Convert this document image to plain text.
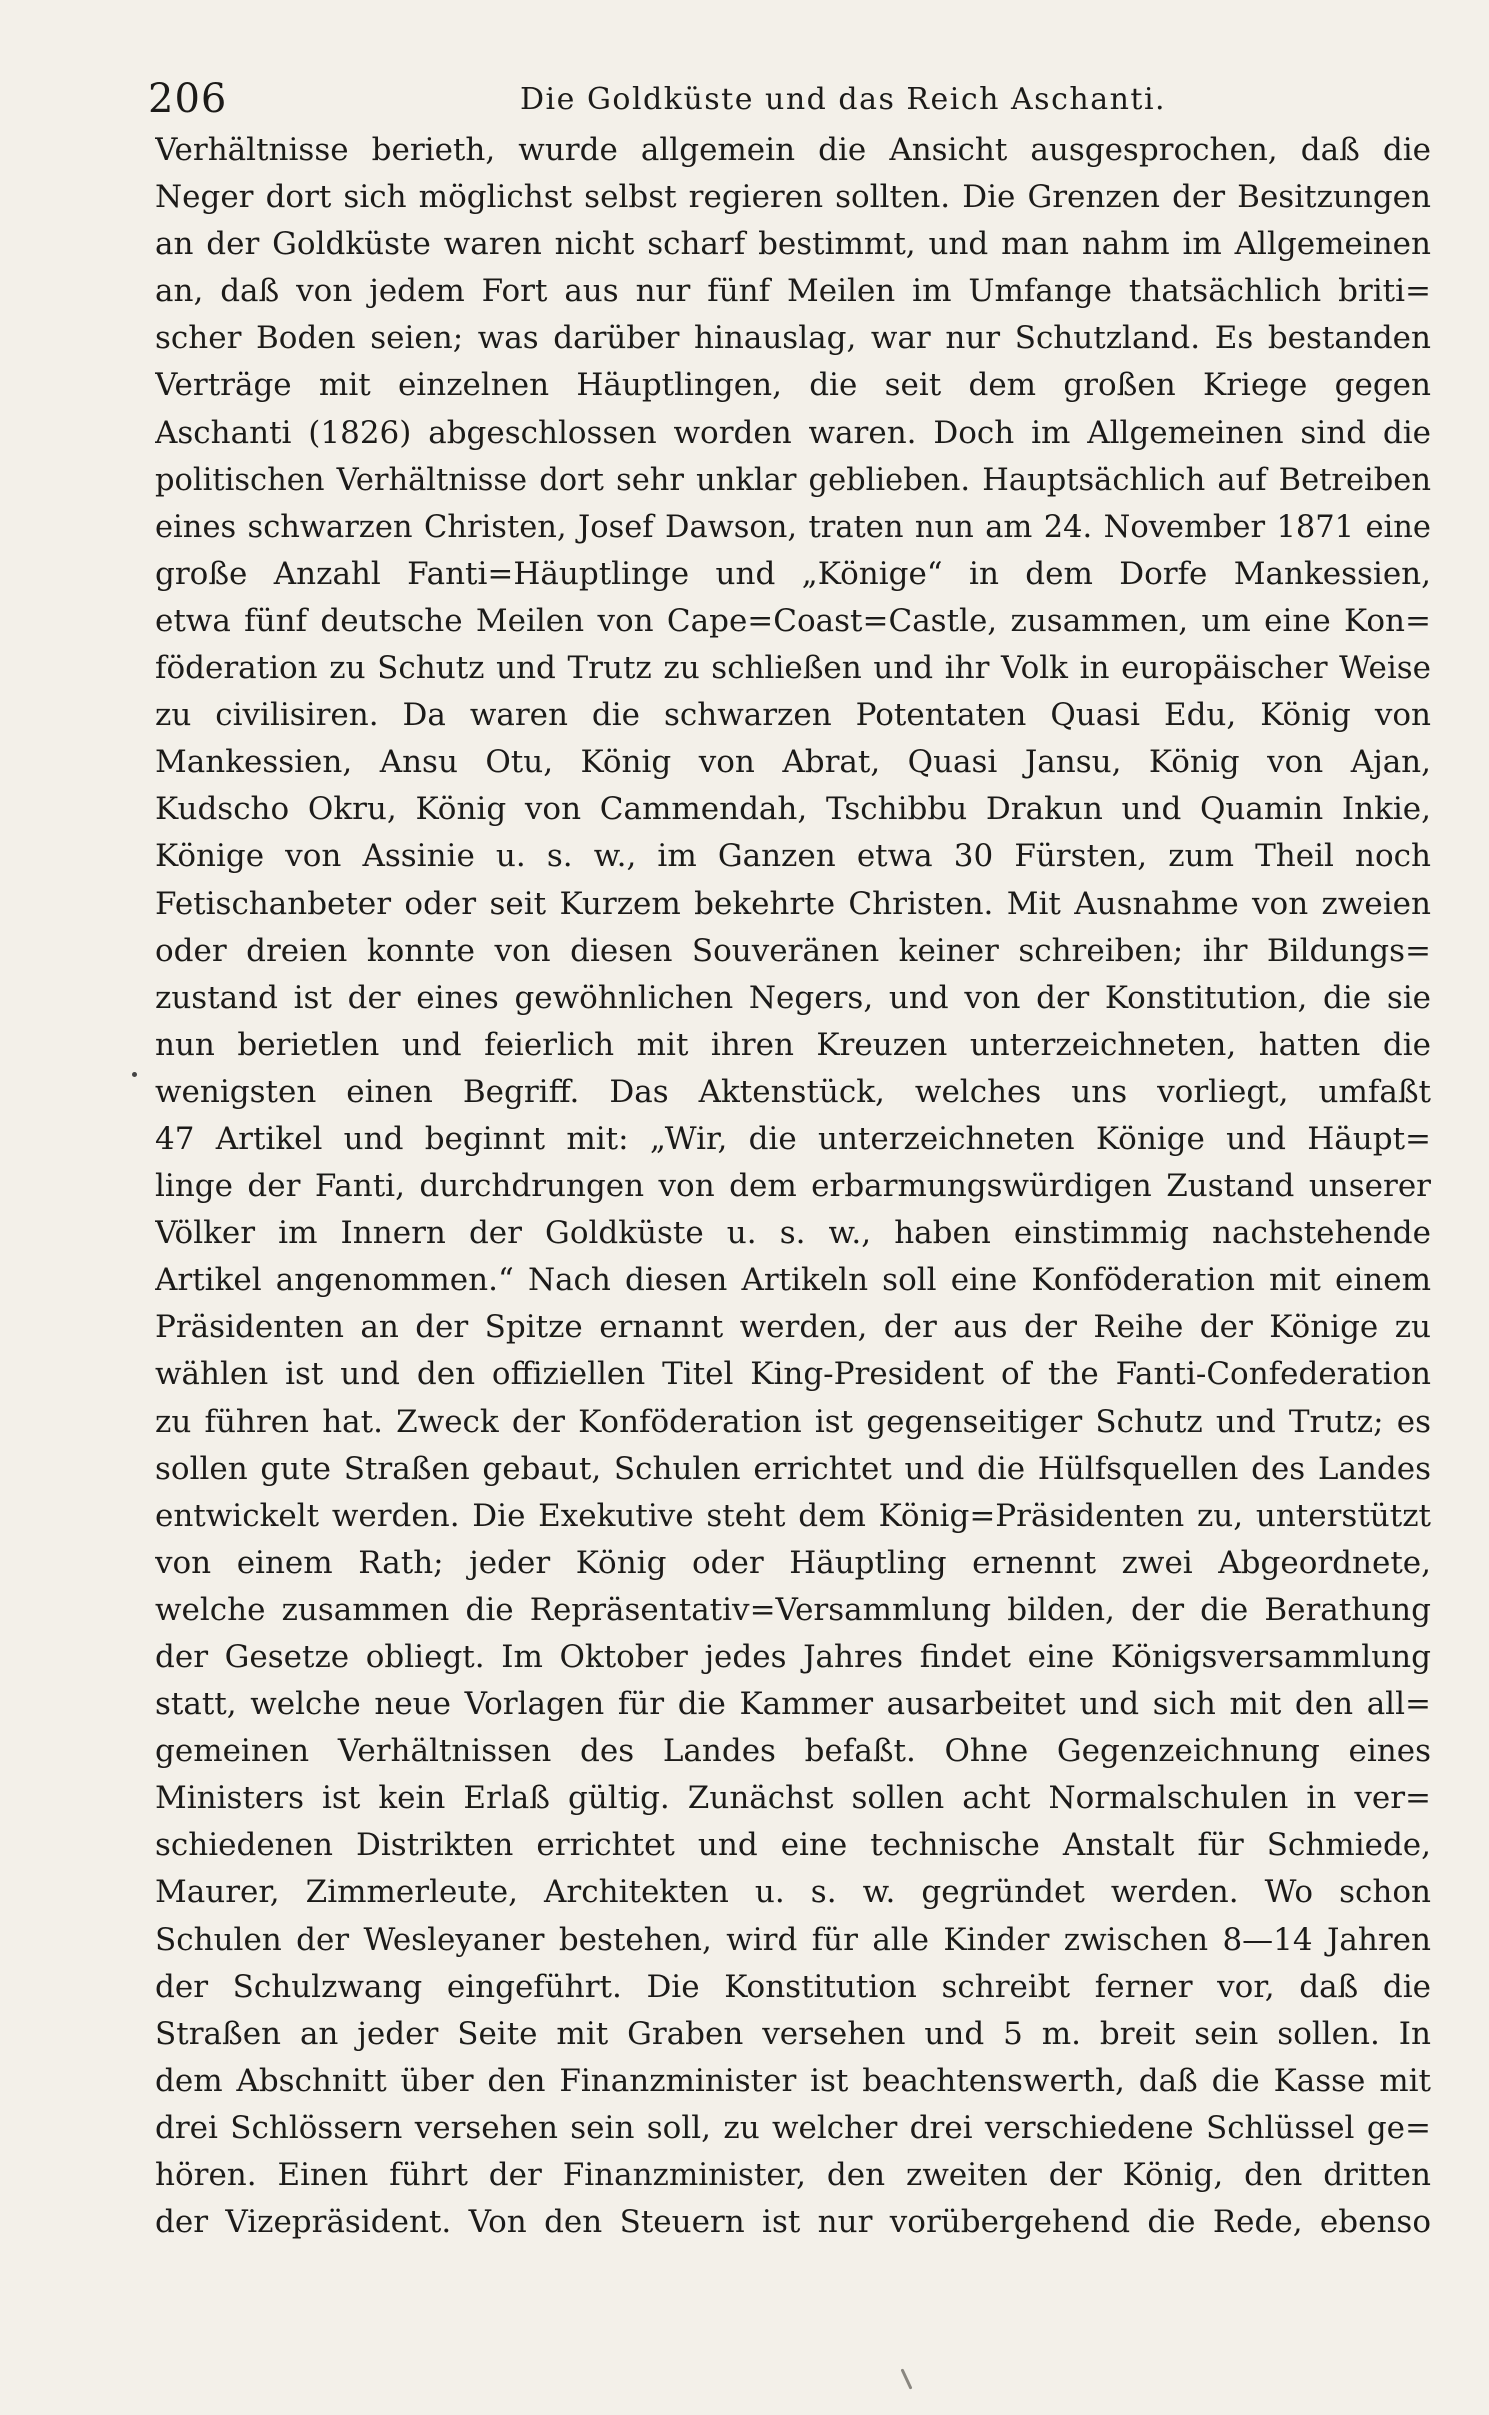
206	Die Goldküste und das Reich Aschanti.
Verhältnisse berieth, wurde allgemein die Ansicht ausgesprochen, daß die
Neger dort sich möglichst selbst regieren sollten. Die Grenzen der Besitzungen
an der Goldküste waren nicht scharf bestimmt, und man nahm im Allgemeinen
an, daß von jedem Fort aus nur fünf Meilen im Umfange thatsächlich briti=
scher Boden seien; was darüber hinauslag, war nur Schutzland. Es bestanden
Verträge mit einzelnen Häuptlingen, die seit dem großen Kriege gegen
Aschanti (1826) abgeschlossen worden waren. Doch im Allgemeinen sind die
politischen Verhältnisse dort sehr unklar geblieben. Hauptsächlich auf Betreiben
eines schwarzen Christen, Josef Dawson, traten nun am 24. November 1871 eine
große Anzahl Fanti=Häuptlinge und „Könige“ in dem Dorfe Mankessien,
etwa fünf deutsche Meilen von Cape=Coast=Castle, zusammen, um eine Kon=
föderation zu Schutz und Trutz zu schließen und ihr Volk in europäischer Weise
zu civilisiren. Da waren die schwarzen Potentaten Quasi Edu, König von
Mankessien, Ansu Otu, König von Abrat, Quasi Jansu, König von Ajan,
Kudscho Okru, König von Cammendah, Tschibbu Drakun und Quamin Inkie,
Könige von Assinie u. s. w., im Ganzen etwa 30 Fürsten, zum Theil noch
Fetischanbeter oder seit Kurzem bekehrte Christen. Mit Ausnahme von zweien
oder dreien konnte von diesen Souveränen keiner schreiben; ihr Bildungs=
zustand ist der eines gewöhnlichen Negers, und von der Konstitution, die sie
nun berietlen und feierlich mit ihren Kreuzen unterzeichneten, hatten die
wenigsten einen Begriff. Das Aktenstück, welches uns vorliegt, umfaßt
47 Artikel und beginnt mit: „Wir, die unterzeichneten Könige und Häupt=
linge der Fanti, durchdrungen von dem erbarmungswürdigen Zustand unserer
Völker im Innern der Goldküste u. s. w., haben einstimmig nachstehende
Artikel angenommen.“ Nach diesen Artikeln soll eine Konföderation mit einem
Präsidenten an der Spitze ernannt werden, der aus der Reihe der Könige zu
wählen ist und den offiziellen Titel King-President of the Fanti-Confederation
zu führen hat. Zweck der Konföderation ist gegenseitiger Schutz und Trutz; es
sollen gute Straßen gebaut, Schulen errichtet und die Hülfsquellen des Landes
entwickelt werden. Die Exekutive steht dem König=Präsidenten zu, unterstützt
von einem Rath; jeder König oder Häuptling ernennt zwei Abgeordnete,
welche zusammen die Repräsentativ=Versammlung bilden, der die Berathung
der Gesetze obliegt. Im Oktober jedes Jahres findet eine Königsversammlung
statt, welche neue Vorlagen für die Kammer ausarbeitet und sich mit den all=
gemeinen Verhältnissen des Landes befaßt. Ohne Gegenzeichnung eines
Ministers ist kein Erlaß gültig. Zunächst sollen acht Normalschulen in ver=
schiedenen Distrikten errichtet und eine technische Anstalt für Schmiede,
Maurer, Zimmerleute, Architekten u. s. w. gegründet werden. Wo schon
Schulen der Wesleyaner bestehen, wird für alle Kinder zwischen 8—14 Jahren
der Schulzwang eingeführt. Die Konstitution schreibt ferner vor, daß die
Straßen an jeder Seite mit Graben versehen und 5 m. breit sein sollen. In
dem Abschnitt über den Finanzminister ist beachtenswerth, daß die Kasse mit
drei Schlössern versehen sein soll, zu welcher drei verschiedene Schlüssel ge=
hören. Einen führt der Finanzminister, den zweiten der König, den dritten
der Vizepräsident. Von den Steuern ist nur vorübergehend die Rede, ebenso
